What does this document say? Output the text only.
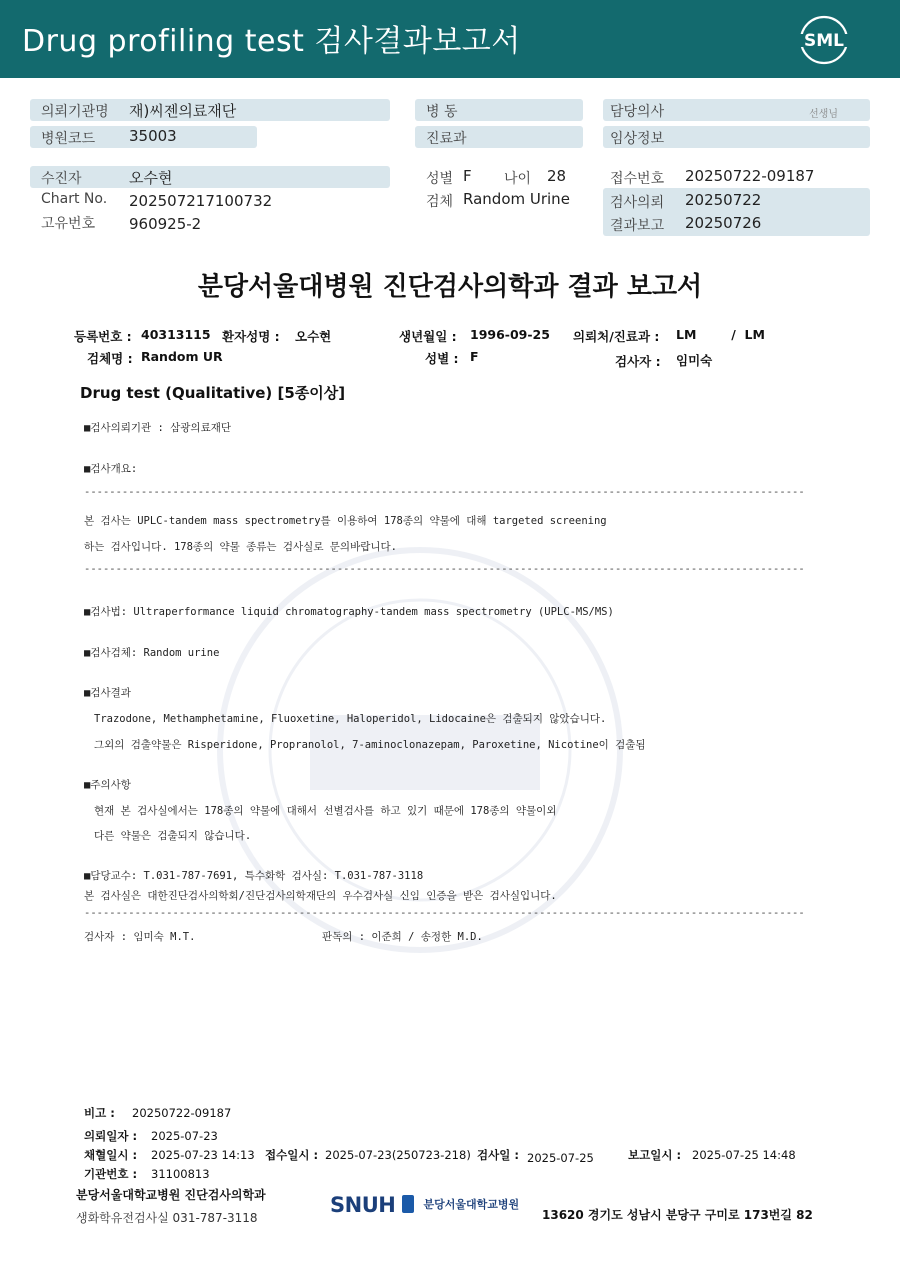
Drug profiling test 검사결과보고서	SML
의뢰기관명 재)씨젠의료재단
병원코드 35003
병 동
진료과
담당의사	선생님
임상정보
수진자	오수현
Chart No. 202507217100732
고유번호 960925-2
성별 F 나이 28
검체 Random Urine
접수번호 20250722-09187
검사의뢰 20250722
결과보고 20250726
분당서울대병원 진단검사의학과 결과 보고서
등록번호 : 40313115 환자성명 : 오수현	생년월일 : 1996-09-25 의뢰처/진료과 : LM        /  LM
검체명 : Random UR	성별 : F	검사자 : 임미숙
Drug test (Qualitative) [5종이상]
■검사의뢰기관 : 삼광의료재단
■검사개요:
------------------------------------------------------------------------------------------------------------------
본 검사는 UPLC-tandem mass spectrometry를 이용하여 178종의 약물에 대해 targeted screening
하는 검사입니다. 178종의 약물 종류는 검사실로 문의바랍니다.
------------------------------------------------------------------------------------------------------------------
■검사법: Ultraperformance liquid chromatography-tandem mass spectrometry (UPLC-MS/MS)
■검사검체: Random urine
■검사결과
Trazodone, Methamphetamine, Fluoxetine, Haloperidol, Lidocaine은 검출되지 않았습니다.
그외의 검출약물은 Risperidone, Propranolol, 7-aminoclonazepam, Paroxetine, Nicotine이 검출됨
■주의사항
현재 본 검사실에서는 178종의 약물에 대해서 선별검사를 하고 있기 때문에 178종의 약물이외
다른 약물은 검출되지 않습니다.
■담당교수: T.031-787-7691, 특수화학 검사실: T.031-787-3118
본 검사실은 대한진단검사의학회/진단검사의학재단의 우수검사실 신임 인증을 받은 검사실입니다.
------------------------------------------------------------------------------------------------------------------
검사자 : 임미숙 M.T.	판독의 : 이준희 / 송정한 M.D.
비고 : 20250722-09187
의뢰일자 : 2025-07-23
채혈일시 : 2025-07-23 14:13 접수일시 : 2025-07-23(250723-218) 검사일 : 2025-07-25	보고일시 : 2025-07-25 14:48
기관번호 : 31100813
분당서울대학교병원 진단검사의학과
생화학유전검사실 031-787-3118
SNUH	$^{분당서울대학교병원}$
13620 경기도 성남시 분당구 구미로 173번길 82
